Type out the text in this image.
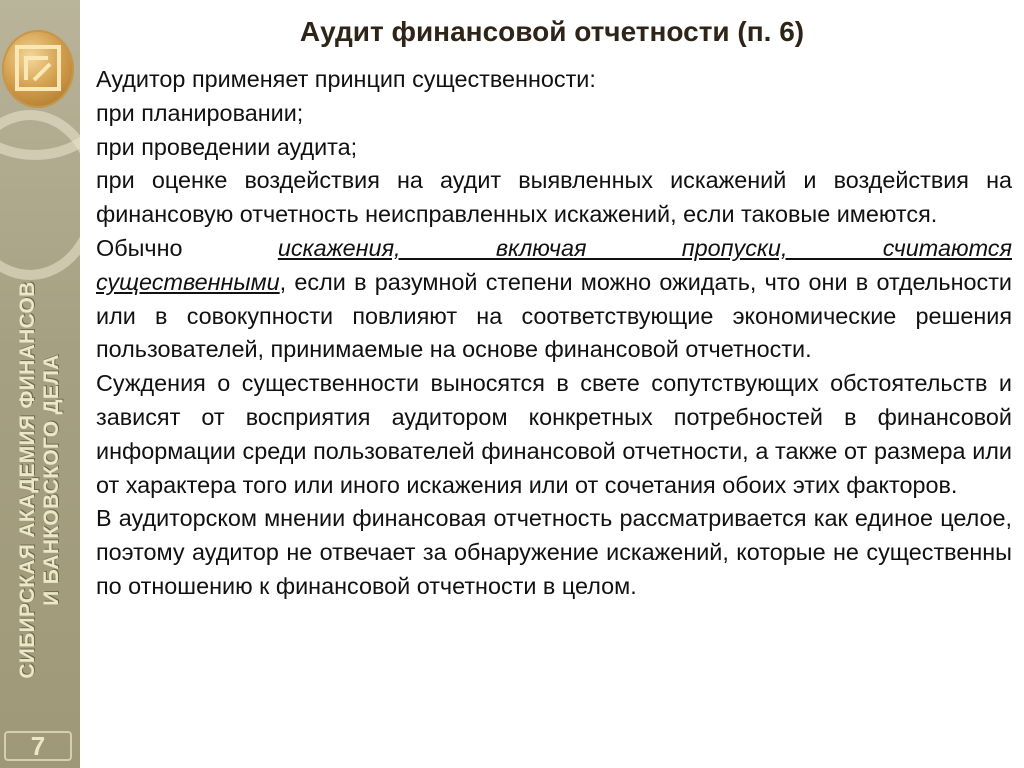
СИБИРСКАЯ АКАДЕМИЯ ФИНАНСОВ И БАНКОВСКОГО ДЕЛА
7
Аудит финансовой отчетности (п. 6)

Аудитор применяет принцип существенности:

при планировании;

при проведении аудита;

при оценке воздействия на аудит выявленных искажений и воздействия на финансовую отчетность неисправленных искажений, если таковые имеются.

Обычно	искажения, включая пропуски, считаются

существенными, если в разумной степени можно ожидать, что они в отдельности или в совокупности повлияют на соответствующие экономические решения пользователей, принимаемые на основе финансовой отчетности.

Суждения о существенности выносятся в свете сопутствующих обстоятельств и зависят от восприятия аудитором конкретных потребностей в финансовой информации среди пользователей финансовой отчетности, а также от размера или от характера того или иного искажения или от сочетания обоих этих факторов.

В аудиторском мнении финансовая отчетность рассматривается как единое целое, поэтому аудитор не отвечает за обнаружение искажений, которые не существенны по отношению к финансовой отчетности в целом.
